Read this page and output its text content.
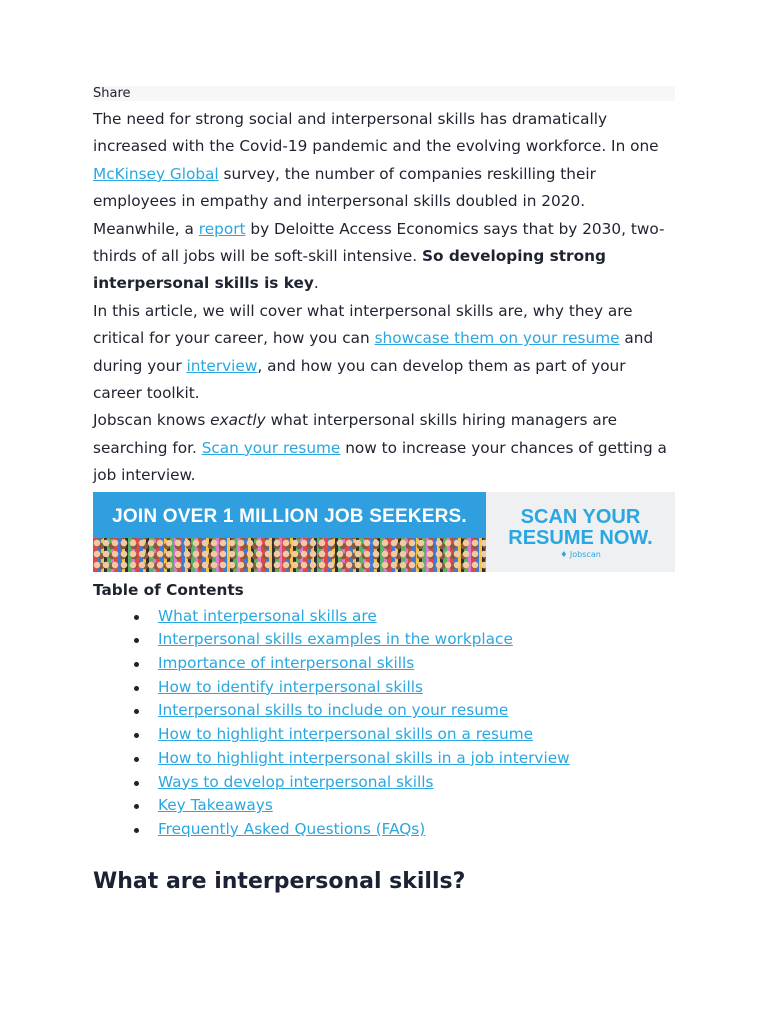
Share

The need for strong social and interpersonal skills has dramatically increased with the Covid-19 pandemic and the evolving workforce. In one McKinsey Global survey, the number of companies reskilling their employees in empathy and interpersonal skills doubled in 2020. Meanwhile, a report by Deloitte Access Economics says that by 2030, two-thirds of all jobs will be soft-skill intensive. So developing strong interpersonal skills is key.

In this article, we will cover what interpersonal skills are, why they are critical for your career, how you can showcase them on your resume and during your interview, and how you can develop them as part of your career toolkit.

Jobscan knows exactly what interpersonal skills hiring managers are searching for. Scan your resume now to increase your chances of getting a job interview.

JOIN OVER 1 MILLION JOB SEEKERS.	SCAN YOUR
RESUME NOW.
♦ Jobscan
Table of Contents
What interpersonal skills are
Interpersonal skills examples in the workplace
Importance of interpersonal skills
How to identify interpersonal skills
Interpersonal skills to include on your resume
How to highlight interpersonal skills on a resume
How to highlight interpersonal skills in a job interview
Ways to develop interpersonal skills
Key Takeaways
Frequently Asked Questions (FAQs)
What are interpersonal skills?
